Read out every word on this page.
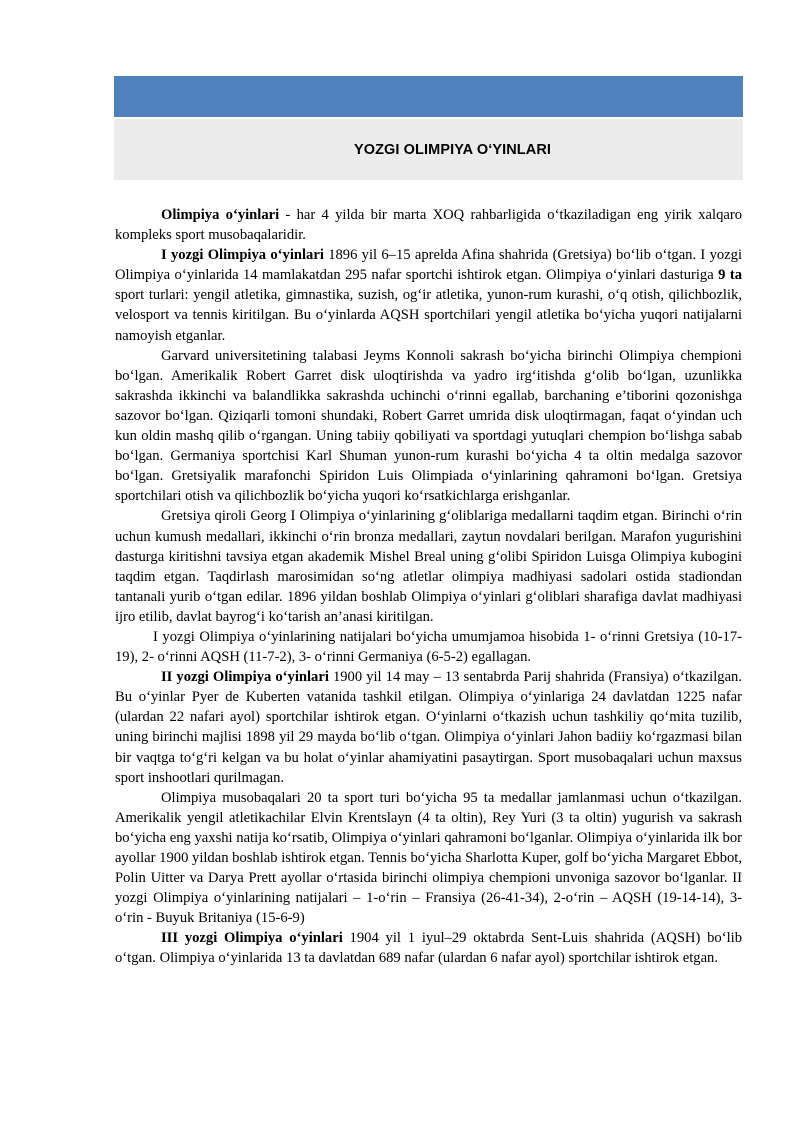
YOZGI OLIMPIYA O‘YINLARI

Olimpiya o‘yinlari - har 4 yilda bir marta XOQ rahbarligida o‘tkaziladigan eng yirik xalqaro kompleks sport musobaqalaridir.

I yozgi Olimpiya o‘yinlari 1896 yil 6–15 aprelda Afina shahrida (Gretsiya) bo‘lib o‘tgan. I yozgi Olimpiya o‘yinlarida 14 mamlakatdan 295 nafar sportchi ishtirok etgan. Olimpiya o‘yinlari dasturiga 9 ta sport turlari: yengil atletika, gimnastika, suzish, og‘ir atletika, yunon-rum kurashi, o‘q otish, qilichbozlik, velosport va tennis kiritilgan. Bu o‘yinlarda AQSH sportchilari yengil atletika bo‘yicha yuqori natijalarni namoyish etganlar.

Garvard universitetining talabasi Jeyms Konnoli sakrash bo‘yicha birinchi Olimpiya chempioni bo‘lgan. Amerikalik Robert Garret disk uloqtirishda va yadro irg‘itishda g‘olib bo‘lgan, uzunlikka sakrashda ikkinchi va balandlikka sakrashda uchinchi o‘rinni egallab, barchaning e’tiborini qozonishga sazovor bo‘lgan. Qiziqarli tomoni shundaki, Robert Garret umrida disk uloqtirmagan, faqat o‘yindan uch kun oldin mashq qilib o‘rgangan. Uning tabiiy qobiliyati va sportdagi yutuqlari chempion bo‘lishga sabab bo‘lgan. Germaniya sportchisi Karl Shuman yunon-rum kurashi bo‘yicha 4 ta oltin medalga sazovor bo‘lgan. Gretsiyalik marafonchi Spiridon Luis Olimpiada o‘yinlarining qahramoni bo‘lgan. Gretsiya sportchilari otish va qilichbozlik bo‘yicha yuqori ko‘rsatkichlarga erishganlar.

Gretsiya qiroli Georg I Olimpiya o‘yinlarining g‘oliblariga medallarni taqdim etgan. Birinchi o‘rin uchun kumush medallari, ikkinchi o‘rin bronza medallari, zaytun novdalari berilgan. Marafon yugurishini dasturga kiritishni tavsiya etgan akademik Mishel Breal uning g‘olibi Spiridon Luisga Olimpiya kubogini taqdim etgan. Taqdirlash marosimidan so‘ng atletlar olimpiya madhiyasi sadolari ostida stadiondan tantanali yurib o‘tgan edilar. 1896 yildan boshlab Olimpiya o‘yinlari g‘oliblari sharafiga davlat madhiyasi ijro etilib, davlat bayrog‘i ko‘tarish an’anasi kiritilgan.

I yozgi Olimpiya o‘yinlarining natijalari bo‘yicha umumjamoa hisobida 1- o‘rinni Gretsiya (10-17-19), 2- o‘rinni AQSH (11-7-2), 3- o‘rinni Germaniya (6-5-2) egallagan.

II yozgi Olimpiya o‘yinlari 1900 yil 14 may – 13 sentabrda Parij shahrida (Fransiya) o‘tkazilgan. Bu o‘yinlar Pyer de Kuberten vatanida tashkil etilgan. Olimpiya o‘yinlariga 24 davlatdan 1225 nafar (ulardan 22 nafari ayol) sportchilar ishtirok etgan. O‘yinlarni o‘tkazish uchun tashkiliy qo‘mita tuzilib, uning birinchi majlisi 1898 yil 29 mayda bo‘lib o‘tgan. Olimpiya o‘yinlari Jahon badiiy ko‘rgazmasi bilan bir vaqtga to‘g‘ri kelgan va bu holat o‘yinlar ahamiyatini pasaytirgan. Sport musobaqalari uchun maxsus sport inshootlari qurilmagan.

Olimpiya musobaqalari 20 ta sport turi bo‘yicha 95 ta medallar jamlanmasi uchun o‘tkazilgan. Amerikalik yengil atletikachilar Elvin Krentslayn (4 ta oltin), Rey Yuri (3 ta oltin) yugurish va sakrash bo‘yicha eng yaxshi natija ko‘rsatib, Olimpiya o‘yinlari qahramoni bo‘lganlar. Olimpiya o‘yinlarida ilk bor ayollar 1900 yildan boshlab ishtirok etgan. Tennis bo‘yicha Sharlotta Kuper, golf bo‘yicha Margaret Ebbot, Polin Uitter va Darya Prett ayollar o‘rtasida birinchi olimpiya chempioni unvoniga sazovor bo‘lganlar. II yozgi Olimpiya o‘yinlarining natijalari – 1-o‘rin – Fransiya (26-41-34), 2-o‘rin – AQSH (19-14-14), 3-o‘rin - Buyuk Britaniya (15-6-9)

III yozgi Olimpiya o‘yinlari 1904 yil 1 iyul–29 oktabrda Sent-Luis shahrida (AQSH) bo‘lib o‘tgan. Olimpiya o‘yinlarida 13 ta davlatdan 689 nafar (ulardan 6 nafar ayol) sportchilar ishtirok etgan.
